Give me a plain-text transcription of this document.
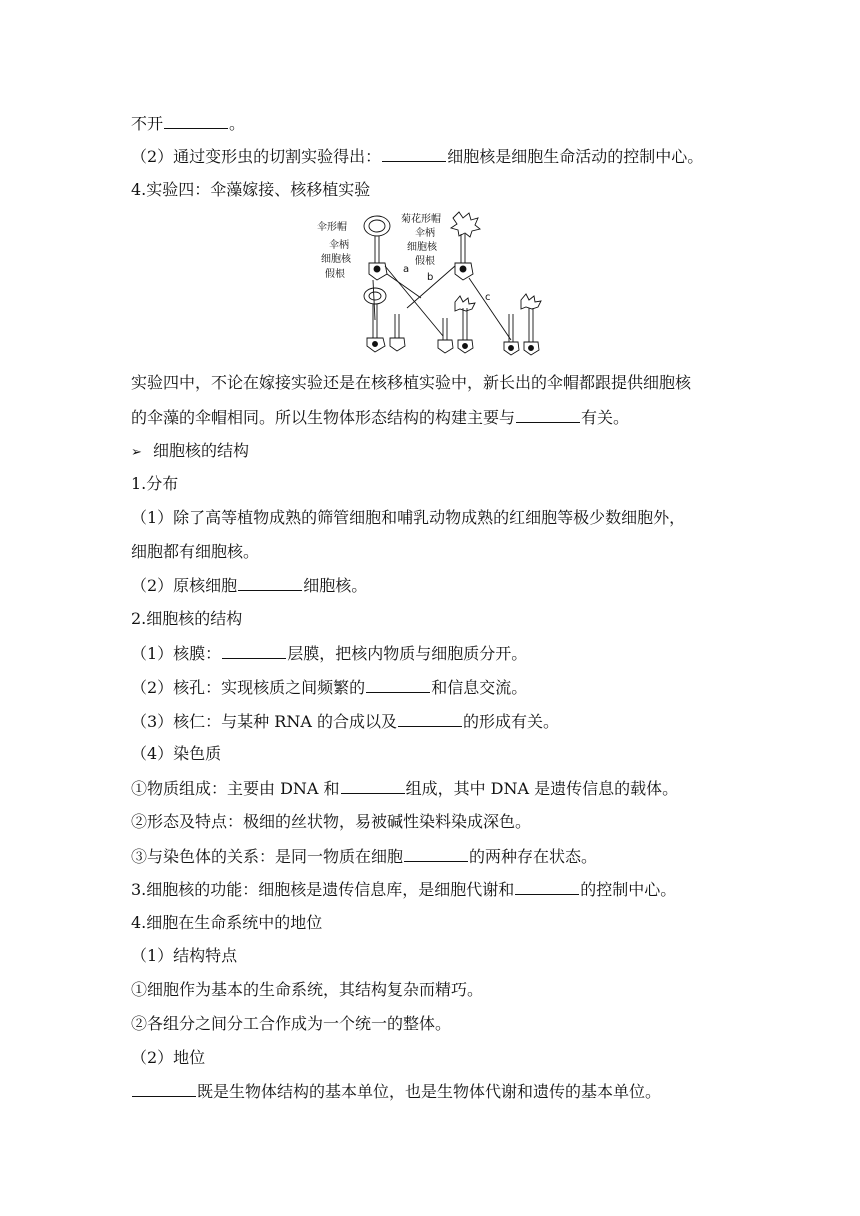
不开	。
（2）通过变形虫的切割实验得出：	细胞核是细胞生命活动的控制中心。
4.实验四：伞藻嫁接、核移植实验
伞形帽
伞柄
细胞核
假根
菊花形帽
伞柄
细胞核
假根
a
b
c
实验四中，不论在嫁接实验还是在核移植实验中，新长出的伞帽都跟提供细胞核
的伞藻的伞帽相同。所以生物体形态结构的构建主要与	有关。
➢ 细胞核的结构
1.分布
（1）除了高等植物成熟的筛管细胞和哺乳动物成熟的红细胞等极少数细胞外，
细胞都有细胞核。
（2）原核细胞	细胞核。
2.细胞核的结构
（1）核膜：	层膜，把核内物质与细胞质分开。
（2）核孔：实现核质之间频繁的	和信息交流。
（3）核仁：与某种 RNA 的合成以及	的形成有关。
（4）染色质
①物质组成：主要由 DNA 和	组成，其中 DNA 是遗传信息的载体。
②形态及特点：极细的丝状物，易被碱性染料染成深色。
③与染色体的关系：是同一物质在细胞	的两种存在状态。
3.细胞核的功能：细胞核是遗传信息库，是细胞代谢和	的控制中心。
4.细胞在生命系统中的地位
（1）结构特点
①细胞作为基本的生命系统，其结构复杂而精巧。
②各组分之间分工合作成为一个统一的整体。
（2）地位
既是生物体结构的基本单位，也是生物体代谢和遗传的基本单位。
